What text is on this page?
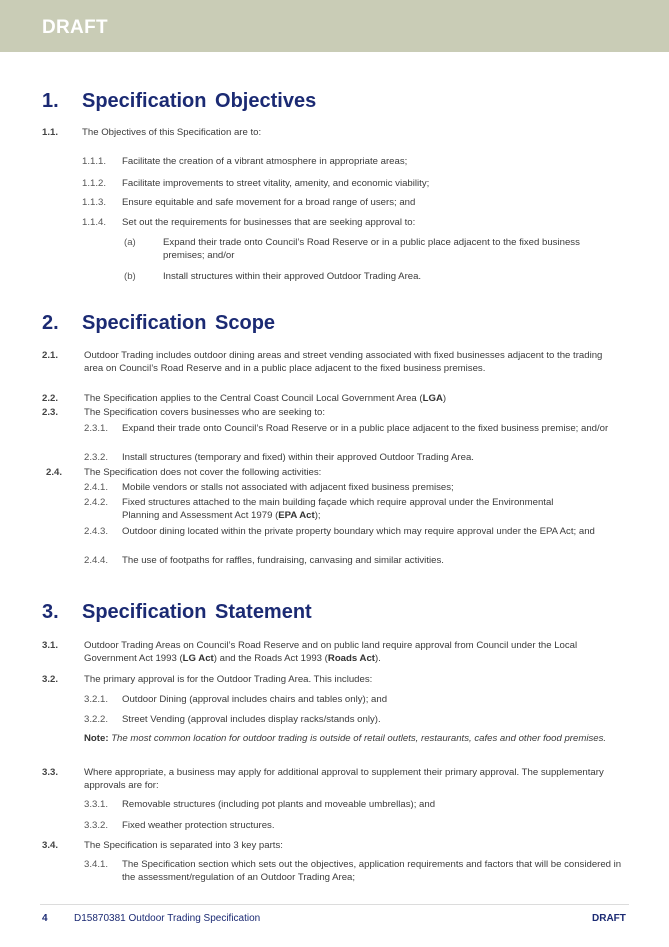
DRAFT
1. Specification Objectives
1.1. The Objectives of this Specification are to:
1.1.1. Facilitate the creation of a vibrant atmosphere in appropriate areas;
1.1.2. Facilitate improvements to street vitality, amenity, and economic viability;
1.1.3. Ensure equitable and safe movement for a broad range of users; and
1.1.4. Set out the requirements for businesses that are seeking approval to:
(a)	Expand their trade onto Council’s Road Reserve or in a public place adjacent to the fixed business premises; and/or
(b)	Install structures within their approved Outdoor Trading Area.
2. Specification Scope
2.1.	Outdoor Trading includes outdoor dining areas and street vending associated with fixed businesses adjacent to the trading area on Council’s Road Reserve and in a public place adjacent to the fixed business premises.
2.2.	The Specification applies to the Central Coast Council Local Government Area (LGA)
2.3.	The Specification covers businesses who are seeking to:
2.3.1. Expand their trade onto Council’s Road Reserve or in a public place adjacent to the fixed business premise; and/or
2.3.2. Install structures (temporary and fixed) within their approved Outdoor Trading Area.
2.4. The Specification does not cover the following activities:
2.4.1. Mobile vendors or stalls not associated with adjacent fixed business premises;
2.4.2. Fixed structures attached to the main building façade which require approval under the Environmental Planning and Assessment Act 1979 (EPA Act);
2.4.3. Outdoor dining located within the private property boundary which may require approval under the EPA Act; and
2.4.4. The use of footpaths for raffles, fundraising, canvasing and similar activities.
3. Specification Statement
3.1.	Outdoor Trading Areas on Council’s Road Reserve and on public land require approval from Council under the Local Government Act 1993 (LG Act) and the Roads Act 1993 (Roads Act).
3.2.	The primary approval is for the Outdoor Trading Area. This includes:
3.2.1. Outdoor Dining (approval includes chairs and tables only); and
3.2.2. Street Vending (approval includes display racks/stands only).
Note: The most common location for outdoor trading is outside of retail outlets, restaurants, cafes and other food premises.
3.3.	Where appropriate, a business may apply for additional approval to supplement their primary approval. The supplementary approvals are for:
3.3.1. Removable structures (including pot plants and moveable umbrellas); and
3.3.2. Fixed weather protection structures.
3.4.	The Specification is separated into 3 key parts:
3.4.1. The Specification section which sets out the objectives, application requirements and factors that will be considered in the assessment/regulation of an Outdoor Trading Area;
4	D15870381 Outdoor Trading Specification	DRAFT
